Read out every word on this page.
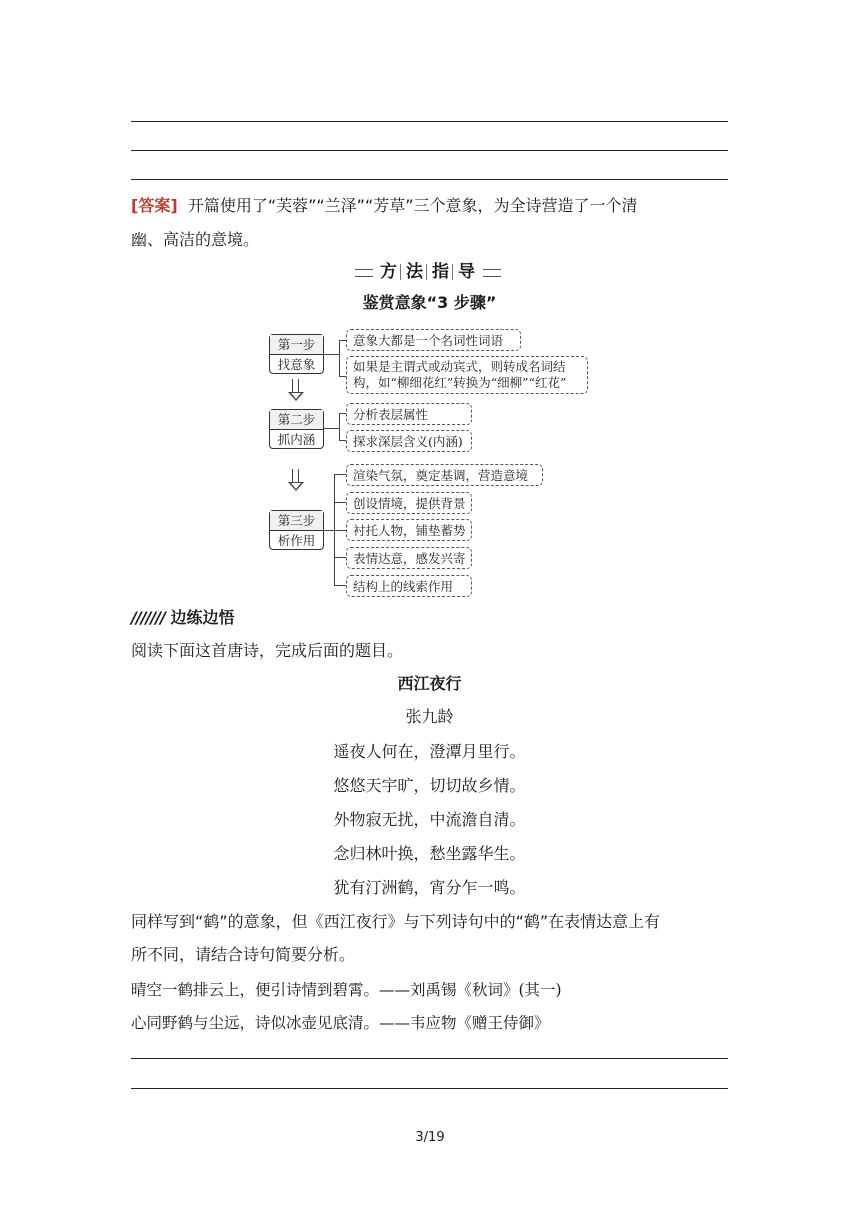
[答案] 开篇使用了“芙蓉”“兰泽”“芳草”三个意象，为全诗营造了一个清
幽、高洁的意境。
方 法 指 导
鉴赏意象“3 步骤”
第一步
找意象
意象大都是一个名词性词语
如果是主谓式或动宾式，则转成名词结
构，如“柳细花红”转换为“细柳”“红花”
第二步
抓内涵
分析表层属性
探求深层含义(内涵)
第三步
析作用
渲染气氛，奠定基调，营造意境
创设情境，提供背景
衬托人物，铺垫蓄势
表情达意，感发兴寄
结构上的线索作用
/////// 边练边悟
阅读下面这首唐诗，完成后面的题目。
西江夜行
张九龄
遥夜人何在，澄潭月里行。
悠悠天宇旷，切切故乡情。
外物寂无扰，中流澹自清。
念归林叶换，愁坐露华生。
犹有汀洲鹤，宵分乍一鸣。
同样写到“鹤”的意象，但《西江夜行》与下列诗句中的“鹤”在表情达意上有
所不同，请结合诗句简要分析。
晴空一鹤排云上，便引诗情到碧霄。——刘禹锡《秋词》(其一)
心同野鹤与尘远，诗似冰壶见底清。——韦应物《赠王侍御》
3/19
